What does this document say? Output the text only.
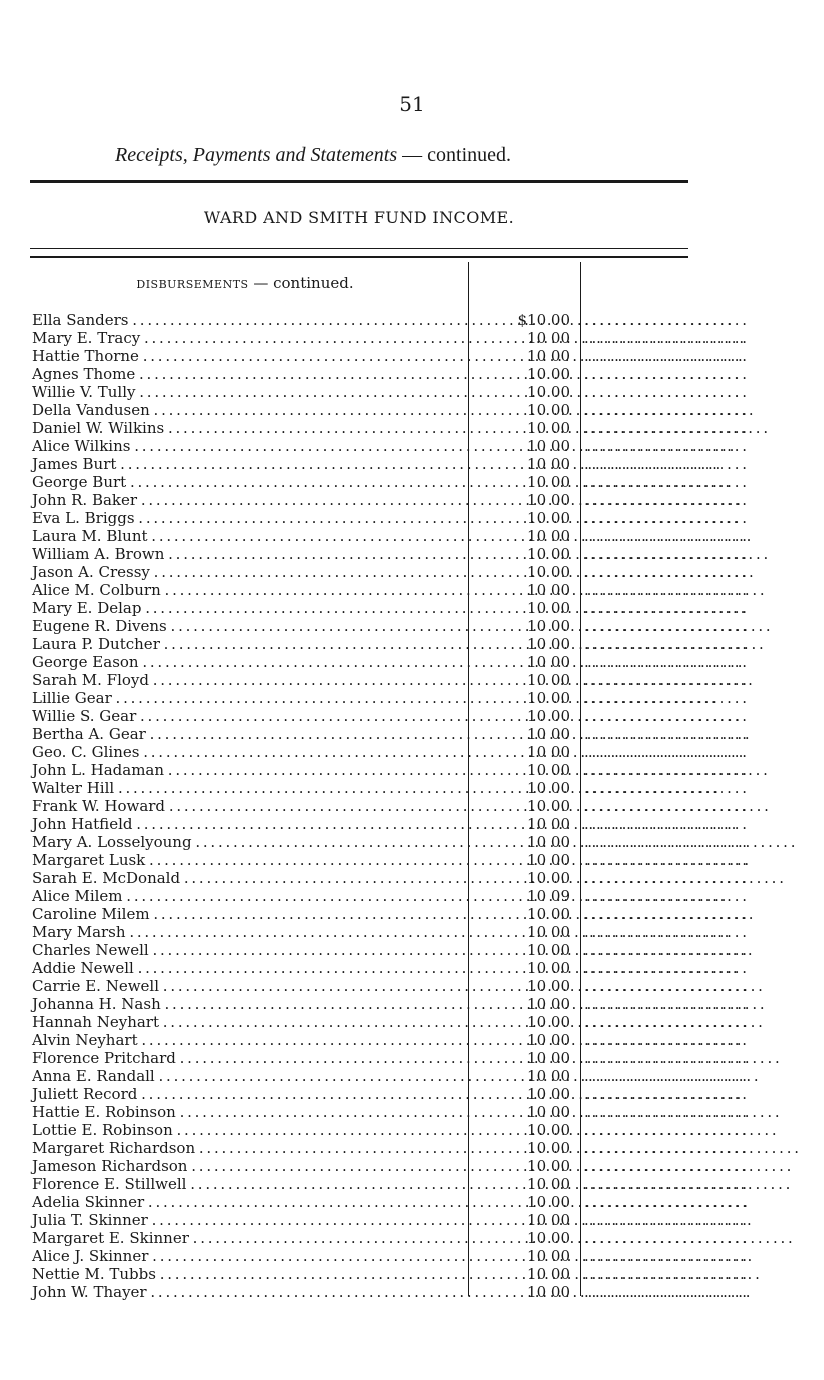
51
Receipts, Payments and Statements — continued.
WARD AND SMITH FUND INCOME.
DISBURSEMENTS — continued.
Ella Sanders . . .	$10 00 . . . . . . . . . . . . . . . . . . . . . .
Mary E. Tracy . . .	10 00 . . . . . . . . . . . . . . . . . . . . . .
Hattie Thorne . . .	10 00 . . . . . . . . . . . . . . . . . . . . . .
Agnes Thome . . .	10 00 . . . . . . . . . . . . . . . . . . . . . .
Willie V. Tully . . .	10 00 . . . . . . . . . . . . . . . . . . . . . .
Della Vandusen . . .	10 00 . . . . . . . . . . . . . . . . . . . . . .
Daniel W. Wilkins . . .	10 00 . . . . . . . . . . . . . . . . . . . . . .
Alice Wilkins . . .	10 00 . . . . . . . . . . . . . . . . . . . . . .
James Burt . . .	10 00 . . . . . . . . . . . . . . . . . . . . . .
George Burt . . .	10 00 . . . . . . . . . . . . . . . . . . . . . .
John R. Baker . . .	10 00 . . . . . . . . . . . . . . . . . . . . . .
Eva L. Briggs . . .	10 00 . . . . . . . . . . . . . . . . . . . . . .
Laura M. Blunt . . .	10 00 . . . . . . . . . . . . . . . . . . . . . .
William A. Brown . . .	10 00 . . . . . . . . . . . . . . . . . . . . . .
Jason A. Cressy . . .	10 00 . . . . . . . . . . . . . . . . . . . . . .
Alice M. Colburn . . .	10 00 . . . . . . . . . . . . . . . . . . . . . .
Mary E. Delap . . .	10 00 . . . . . . . . . . . . . . . . . . . . . .
Eugene R. Divens . . .	10 00 . . . . . . . . . . . . . . . . . . . . . .
Laura P. Dutcher . . .	10 00 . . . . . . . . . . . . . . . . . . . . . .
George Eason . . .	10 00 . . . . . . . . . . . . . . . . . . . . . .
Sarah M. Floyd . . .	10 00 . . . . . . . . . . . . . . . . . . . . . .
Lillie Gear . . .	10 00 . . . . . . . . . . . . . . . . . . . . . .
Willie S. Gear . . .	10 00 . . . . . . . . . . . . . . . . . . . . . .
Bertha A. Gear . . .	10 00 . . . . . . . . . . . . . . . . . . . . . .
Geo. C. Glines . . .	10 00 . . . . . . . . . . . . . . . . . . . . . .
John L. Hadaman . . .	10 00 . . . . . . . . . . . . . . . . . . . . . .
Walter Hill . . .	10 00 . . . . . . . . . . . . . . . . . . . . . .
Frank W. Howard . . .	10 00 . . . . . . . . . . . . . . . . . . . . . .
John Hatfield . . .	10 00 . . . . . . . . . . . . . . . . . . . . . .
Mary A. Losselyoung . . .	10 00 . . . . . . . . . . . . . . . . . . . . . .
Margaret Lusk . . .	10 00 . . . . . . . . . . . . . . . . . . . . . .
Sarah E. McDonald . . .	10 00 . . . . . . . . . . . . . . . . . . . . . .
Alice Milem . . .	10 09 . . . . . . . . . . . . . . . . . . . . . .
Caroline Milem . . .	10 00 . . . . . . . . . . . . . . . . . . . . . .
Mary Marsh . . .	10 00 . . . . . . . . . . . . . . . . . . . . . .
Charles Newell . . .	10 00 . . . . . . . . . . . . . . . . . . . . . .
Addie Newell . . .	10 00 . . . . . . . . . . . . . . . . . . . . . .
Carrie E. Newell . . .	10 00 . . . . . . . . . . . . . . . . . . . . . .
Johanna H. Nash . . .	10 00 . . . . . . . . . . . . . . . . . . . . . .
Hannah Neyhart . . .	10 00 . . . . . . . . . . . . . . . . . . . . . .
Alvin Neyhart . . .	10 00 . . . . . . . . . . . . . . . . . . . . . .
Florence Pritchard . . .	10 00 . . . . . . . . . . . . . . . . . . . . . .
Anna E. Randall . . .	10 00 . . . . . . . . . . . . . . . . . . . . . .
Juliett Record . . .	10 00 . . . . . . . . . . . . . . . . . . . . . .
Hattie E. Robinson . . .	10 00 . . . . . . . . . . . . . . . . . . . . . .
Lottie E. Robinson . . .	10 00 . . . . . . . . . . . . . . . . . . . . . .
Margaret Richardson . . .	10 00 . . . . . . . . . . . . . . . . . . . . . .
Jameson Richardson . . .	10 00 . . . . . . . . . . . . . . . . . . . . . .
Florence E. Stillwell . . .	10 00 . . . . . . . . . . . . . . . . . . . . . .
Adelia Skinner . . .	10 00 . . . . . . . . . . . . . . . . . . . . . .
Julia T. Skinner . . .	10 00 . . . . . . . . . . . . . . . . . . . . . .
Margaret E. Skinner . . .	10 00 . . . . . . . . . . . . . . . . . . . . . .
Alice J. Skinner . . .	10 00 . . . . . . . . . . . . . . . . . . . . . .
Nettie M. Tubbs . . .	10 00 . . . . . . . . . . . . . . . . . . . . . .
John W. Thayer . . .	10 00 . . . . . . . . . . . . . . . . . . . . . .
